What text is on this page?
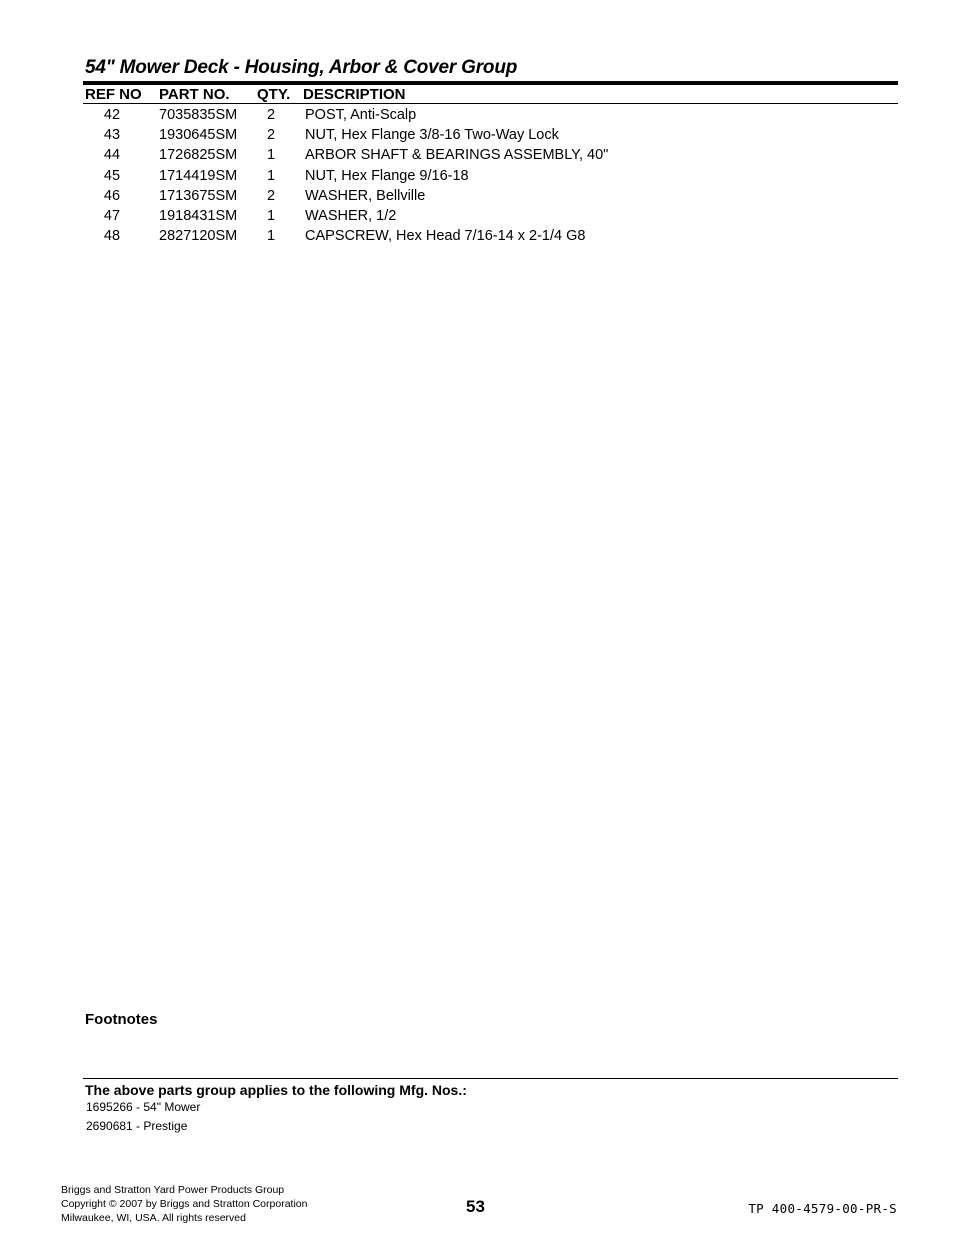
54" Mower Deck - Housing, Arbor & Cover Group
REF NO PART NO. QTY. DESCRIPTION
42	7035835SM 2 POST, Anti-Scalp
43	1930645SM 2 NUT, Hex Flange 3/8-16 Two-Way Lock
44	1726825SM 1 ARBOR SHAFT & BEARINGS ASSEMBLY, 40"
45	1714419SM 1 NUT, Hex Flange 9/16-18
46	1713675SM 2 WASHER, Bellville
47	1918431SM 1 WASHER, 1/2
48	2827120SM 1 CAPSCREW, Hex Head 7/16-14 x 2-1/4 G8
Footnotes
The above parts group applies to the following Mfg. Nos.:
1695266 - 54" Mower
2690681 - Prestige
Briggs and Stratton Yard Power Products Group
Copyright © 2007 by Briggs and Stratton Corporation
Milwaukee, WI, USA. All rights reserved
53	TP 400-4579-00-PR-S
